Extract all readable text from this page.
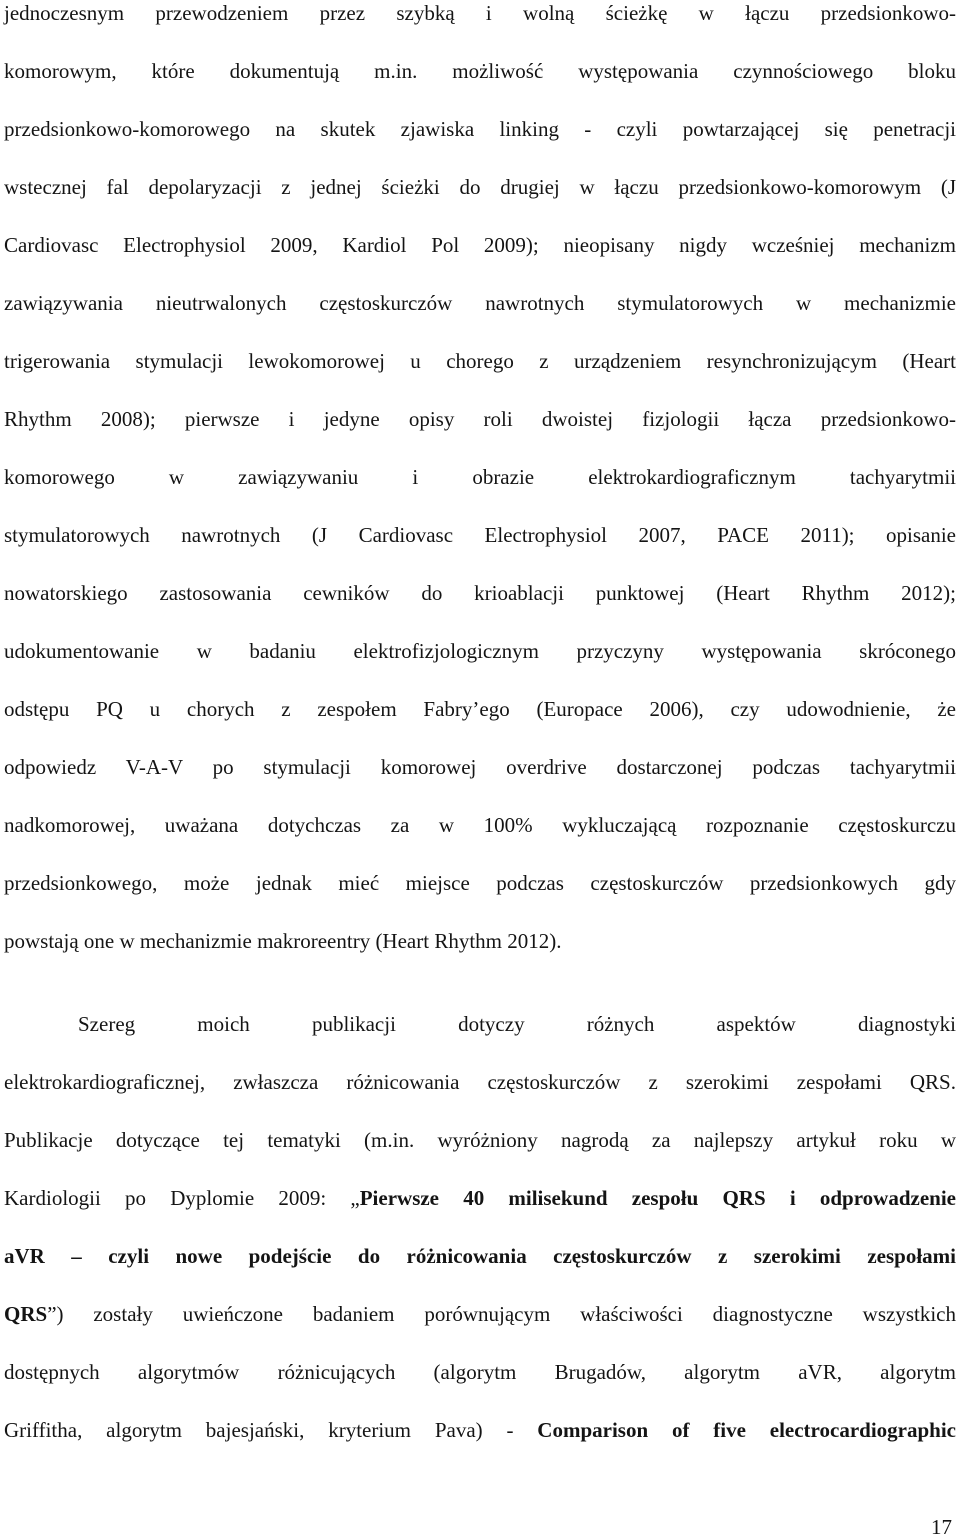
jednoczesnym przewodzeniem przez szybką i wolną ścieżkę w łączu przedsionkowo-
komorowym, które dokumentują m.in. możliwość występowania czynnościowego bloku
przedsionkowo-komorowego na skutek zjawiska linking - czyli powtarzającej się penetracji
wstecznej fal depolaryzacji z jednej ścieżki do drugiej w łączu przedsionkowo-komorowym (J
Cardiovasc Electrophysiol 2009, Kardiol Pol 2009); nieopisany nigdy wcześniej mechanizm
zawiązywania nieutrwalonych częstoskurczów nawrotnych stymulatorowych w mechanizmie
trigerowania stymulacji lewokomorowej u chorego z urządzeniem resynchronizującym (Heart
Rhythm 2008); pierwsze i jedyne opisy roli dwoistej fizjologii łącza przedsionkowo-
komorowego w zawiązywaniu i obrazie elektrokardiograficznym tachyarytmii
stymulatorowych nawrotnych (J Cardiovasc Electrophysiol 2007, PACE 2011); opisanie
nowatorskiego zastosowania cewników do krioablacji punktowej (Heart Rhythm 2012);
udokumentowanie w badaniu elektrofizjologicznym przyczyny występowania skróconego
odstępu PQ u chorych z zespołem Fabry’ego (Europace 2006), czy udowodnienie, że
odpowiedz V-A-V po stymulacji komorowej overdrive dostarczonej podczas tachyarytmii
nadkomorowej, uważana dotychczas za w 100% wykluczającą rozpoznanie częstoskurczu
przedsionkowego, może jednak mieć miejsce podczas częstoskurczów przedsionkowych gdy
powstają one w mechanizmie makroreentry (Heart Rhythm 2012).
Szereg moich publikacji dotyczy różnych aspektów diagnostyki
elektrokardiograficznej, zwłaszcza różnicowania częstoskurczów z szerokimi zespołami QRS.
Publikacje dotyczące tej tematyki (m.in. wyróżniony nagrodą za najlepszy artykuł roku w
Kardiologii po Dyplomie 2009: „Pierwsze 40 milisekund zespołu QRS i odprowadzenie
aVR – czyli nowe podejście do różnicowania częstoskurczów z szerokimi zespołami
QRS”) zostały uwieńczone badaniem porównującym właściwości diagnostyczne wszystkich
dostępnych algorytmów różnicujących (algorytm Brugadów, algorytm aVR, algorytm
Griffitha, algorytm bajesjański, kryterium Pava) - Comparison of five electrocardiographic
17
